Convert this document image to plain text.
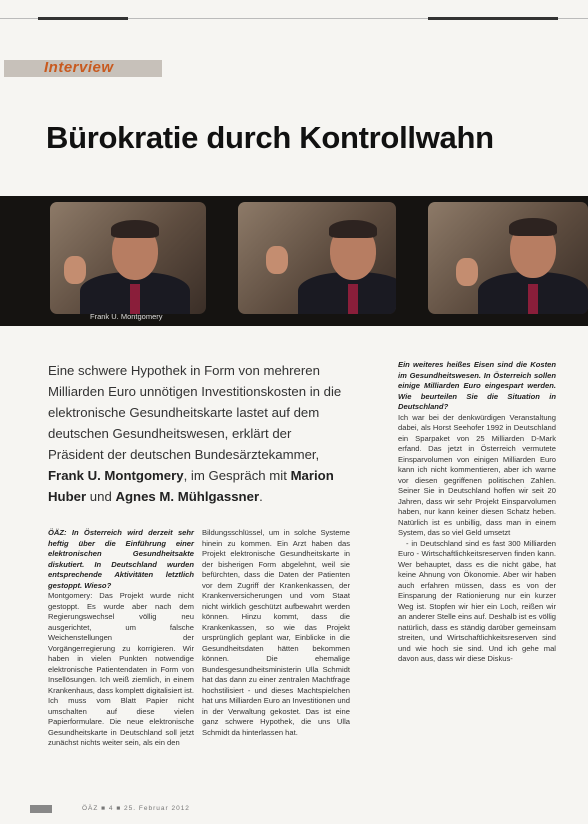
Interview
Bürokratie durch Kontrollwahn
Frank U. Montgomery
Eine schwere Hypothek in Form von mehreren Milliarden Euro unnötigen Investitionskosten in die elektronische Gesundheitskarte lastet auf dem deutschen Gesundheitswesen, erklärt der Präsident der deutschen Bundesärztekammer, Frank U. Montgomery, im Gespräch mit Marion Huber und Agnes M. Mühlgassner.
ÖÄZ: In Österreich wird derzeit sehr heftig über die Einführung einer elektronischen Gesundheitsakte diskutiert. In Deutschland wurden entsprechende Aktivitäten letztlich gestoppt. Wieso?
Montgomery: Das Projekt wurde nicht gestoppt. Es wurde aber nach dem Regierungswechsel völlig neu ausgerichtet, um falsche Weichenstellungen der Vorgängerregierung zu korrigieren. Wir haben in vielen Punkten notwendige elektronische Patientendaten in Form von Insellösungen. Ich weiß ziemlich, in einem Krankenhaus, dass komplett digitalisiert ist. Ich muss vom Blatt Papier nicht umschalten auf diese vielen Papierformulare. Die neue elektronische Gesundheitskarte in Deutschland soll jetzt zunächst nichts weiter sein, als ein den
Bildungsschlüssel, um in solche Systeme hinein zu kommen. Ein Arzt haben das Projekt elektronische Gesundheitskarte in der bisherigen Form abgelehnt, weil sie befürchten, dass die Daten der Patienten vor dem Zugriff der Krankenkassen, der Krankenversicherungen und vom Staat nicht wirklich geschützt aufbewahrt werden können. Hinzu kommt, dass die Krankenkassen, so wie das Projekt ursprünglich geplant war, Einblicke in die Gesundheitsdaten hätten bekommen können. Die ehemalige Bundesgesundheitsministerin Ulla Schmidt hat das dann zu einer zentralen Machtfrage hochstilisiert - und dieses Machtspielchen hat uns Milliarden Euro an Investitionen und in der Verwaltung gekostet. Das ist eine ganz schwere Hypothek, die uns Ulla Schmidt da hinterlassen hat.
Ein weiteres heißes Eisen sind die Kosten im Gesundheitswesen. In Österreich sollen einige Milliarden Euro eingespart werden. Wie beurteilen Sie die Situation in Deutschland?
Ich war bei der denkwürdigen Veranstaltung dabei, als Horst Seehofer 1992 in Deutschland ein Sparpaket von 25 Milliarden D-Mark erfand. Das jetzt in Österreich vermutete Einsparvolumen von einigen Milliarden Euro kann ich nicht kommentieren, aber ich warne vor diesen gegriffenen politischen Zahlen. Seiner Sie in Deutschland hoffen wir seit 20 Jahren, dass wir sehr Projekt Einsparvolumen haben, nur kann keiner diesen Schatz heben. Natürlich ist es unbillig, dass man in einem System, das so viel Geld umsetzt
- in Deutschland sind es fast 300 Milliarden Euro - Wirtschaftlichkeitsreserven finden kann. Wer behauptet, dass es die nicht gäbe, hat keine Ahnung von Ökonomie. Aber wir haben auch erfahren müssen, dass es von der Einsparung der Rationierung nur ein kurzer Weg ist. Stopfen wir hier ein Loch, reißen wir an anderer Stelle eins auf. Deshalb ist es völlig natürlich, dass es ständig darüber gemeinsam streiten, und Wirtschaftlichkeitsreserven sind und wie hoch sie sind. Und ich gehe mal davon aus, dass wir diese Diskus-
ÖÄZ ■ 4 ■ 25. Februar 2012
